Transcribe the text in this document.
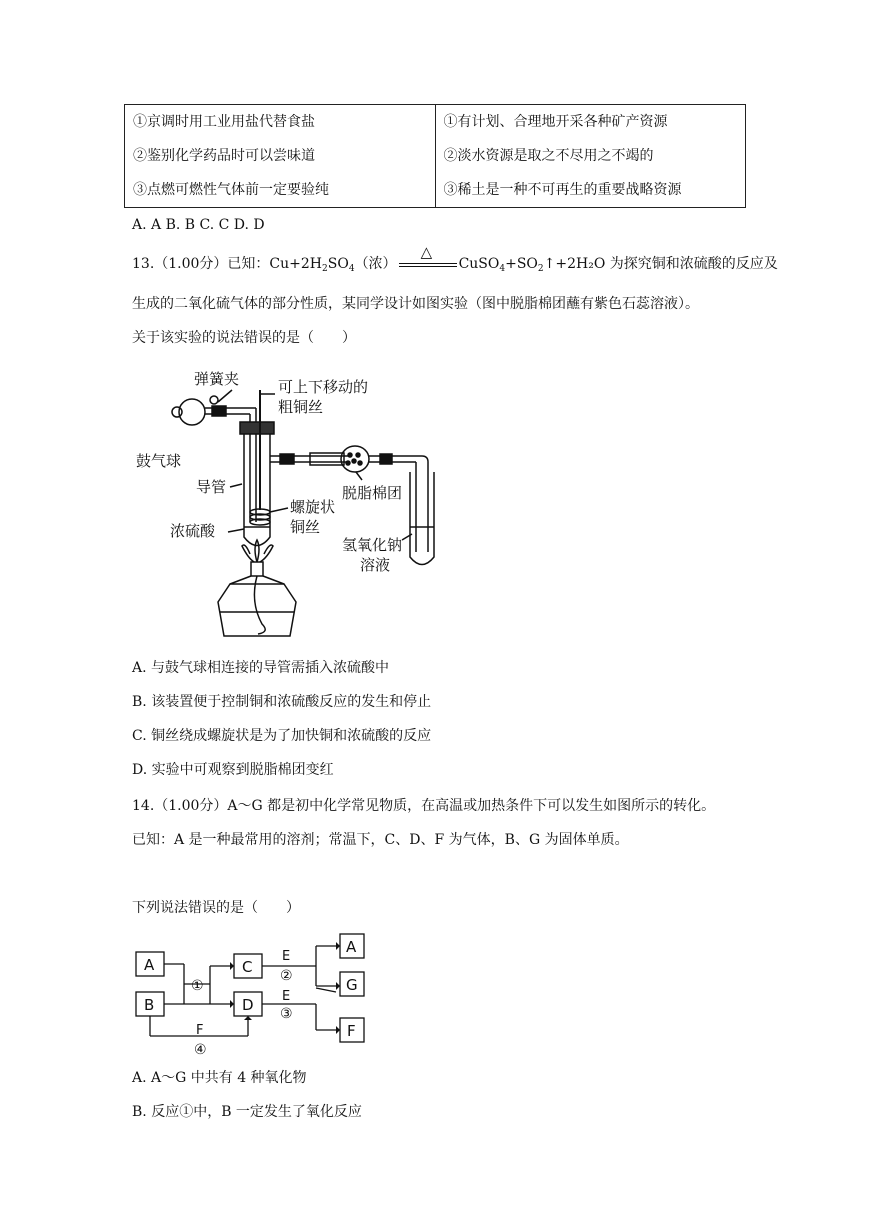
①京调时用工业用盐代替食盐
②鉴别化学药品时可以尝味道
③点燃可燃性气体前一定要验纯

①有计划、合理地开采各种矿产资源
②淡水资源是取之不尽用之不竭的
③稀土是一种不可再生的重要战略资源
A. A B. B C. C D. D
13.（1.00分）已知：$Cu+2H_2SO_4$（浓）
△
$CuSO_4+SO_2↑+2H_2O$ 为探究铜和浓硫酸的反应及
生成的二氧化硫气体的部分性质，某同学设计如图实验（图中脱脂棉团蘸有紫色石蕊溶液）。
关于该实验的说法错误的是（　　）
弹簧夹	可上下移动的
粗铜丝
鼓气球
导管
螺旋状
铜丝
浓硫酸
脱脂棉团
氢氧化钠
溶液
A. 与鼓气球相连接的导管需插入浓硫酸中
B. 该装置便于控制铜和浓硫酸反应的发生和停止
C. 铜丝绕成螺旋状是为了加快铜和浓硫酸的反应
D. 实验中可观察到脱脂棉团变红
14.（1.00分）A～G 都是初中化学常见物质，在高温或加热条件下可以发生如图所示的转化。
已知：A 是一种最常用的溶剂；常温下，C、D、F 为气体，B、G 为固体单质。
下列说法错误的是（　　）
A
B
C
D
A
G
F
E
E
F
①
②
③
④
A. A～G 中共有 4 种氧化物
B. 反应①中，B 一定发生了氧化反应
